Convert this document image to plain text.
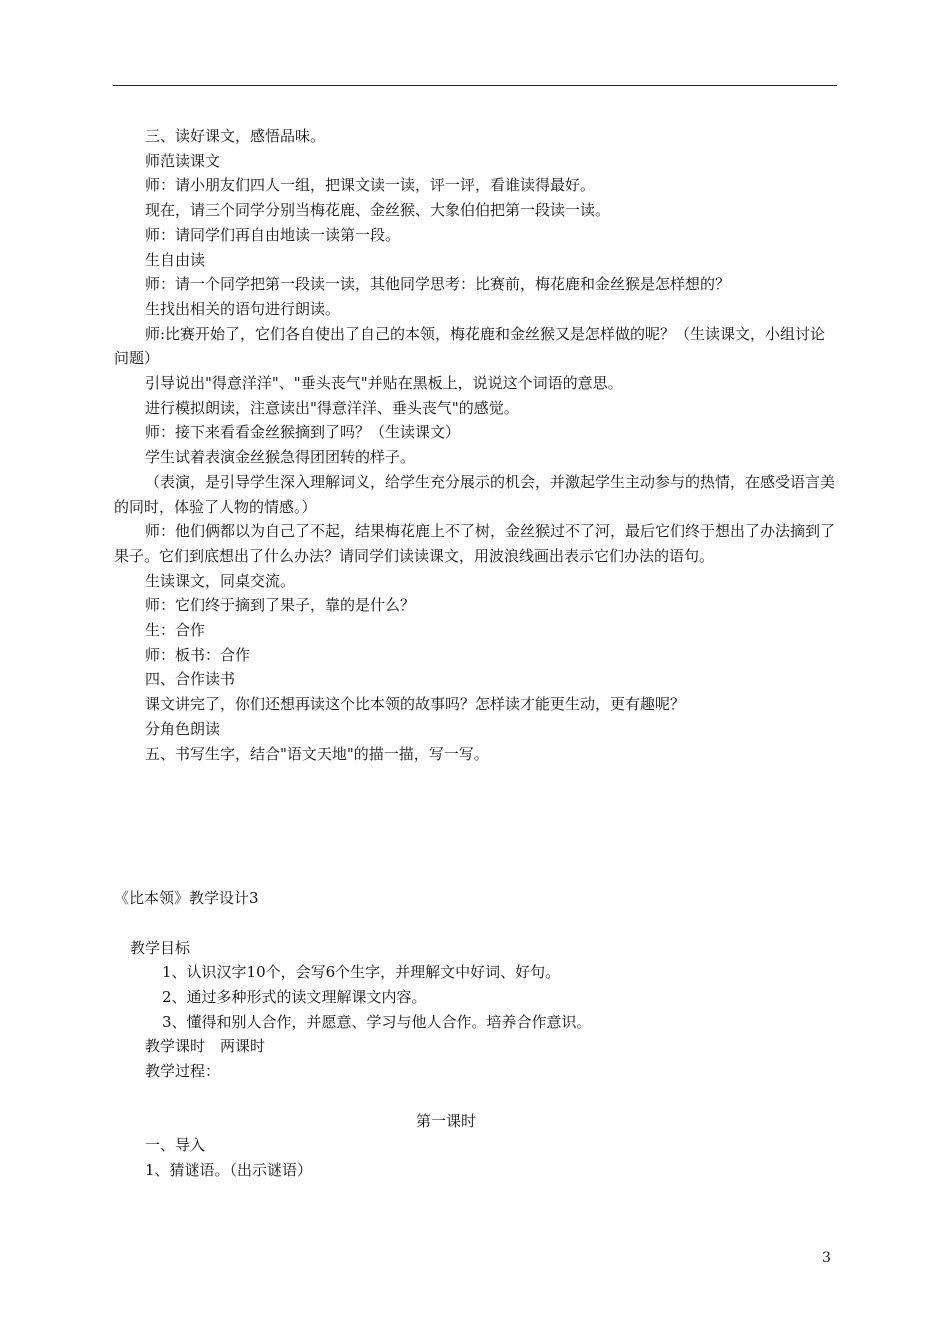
三、读好课文，感悟品味。

师范读课文

师：请小朋友们四人一组，把课文读一读，评一评，看谁读得最好。

现在，请三个同学分别当梅花鹿、金丝猴、大象伯伯把第一段读一读。

师：请同学们再自由地读一读第一段。

生自由读

师：请一个同学把第一段读一读，其他同学思考：比赛前，梅花鹿和金丝猴是怎样想的？

生找出相关的语句进行朗读。

师:比赛开始了，它们各自使出了自己的本领，梅花鹿和金丝猴又是怎样做的呢？（生读课文，小组讨论问题）

引导说出"得意洋洋"、"垂头丧气"并贴在黑板上，说说这个词语的意思。

进行模拟朗读，注意读出"得意洋洋、垂头丧气"的感觉。

师：接下来看看金丝猴摘到了吗？（生读课文）

学生试着表演金丝猴急得团团转的样子。

（表演，是引导学生深入理解词义，给学生充分展示的机会，并激起学生主动参与的热情，在感受语言美的同时，体验了人物的情感。）

师：他们俩都以为自己了不起，结果梅花鹿上不了树，金丝猴过不了河，最后它们终于想出了办法摘到了果子。它们到底想出了什么办法？请同学们读读课文，用波浪线画出表示它们办法的语句。

生读课文，同桌交流。

师：它们终于摘到了果子，靠的是什么？

生：合作

师：板书：合作

四、合作读书

课文讲完了，你们还想再读这个比本领的故事吗？怎样读才能更生动，更有趣呢？

分角色朗读

五、书写生字，结合"语文天地"的描一描，写一写。

《比本领》教学设计3

教学目标

1、认识汉字10个，会写6个生字，并理解文中好词、好句。

2、通过多种形式的读文理解课文内容。

3、懂得和别人合作，并愿意、学习与他人合作。培养合作意识。

教学课时　两课时

教学过程：

第一课时

一、导入

1、猜谜语。（出示谜语）

3
